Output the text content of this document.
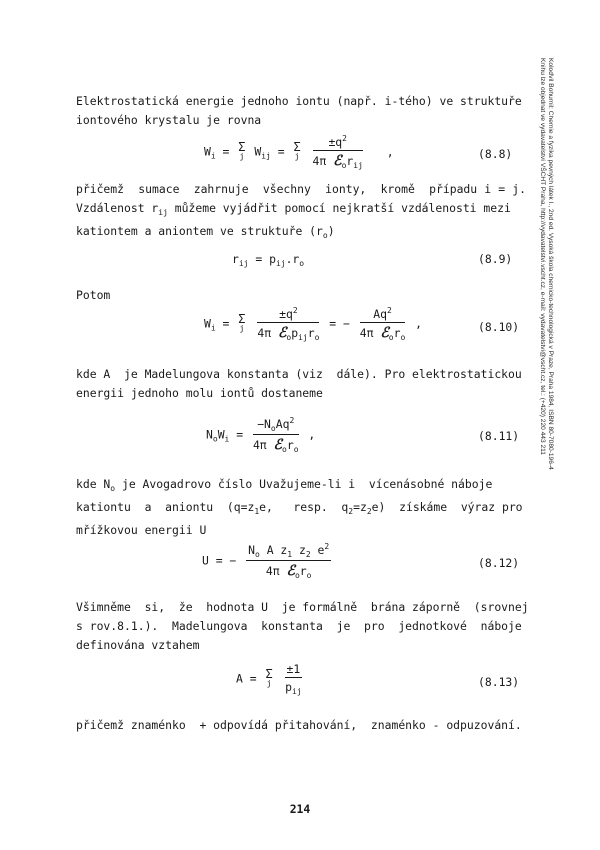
Koloďvil Bohumil: Chemie a fyzika pevných látek I., 2nd ed. Vysoká škola chemicko-technologická v Praze, Praha 1984, ISBN 80-7080-196-4
Knihu lze objednat ve vydavatelství VŠCHT Praha, http://vydavatelstvi.vscht.cz, e-mail: vydavatelstvi@vscht.cz, tel.: (+420) 220 443 211
Elektrostatická energie jednoho iontu (např. i-tého) ve struktuře
iontového krystalu je rovna
$W_i = \Sigma$
j $W_{ij} = \Sigma$
j
$\frac{\pm q^2}{4\pi ℰ_or_{ij}}$ ,	(8.8)
přičemž  sumace  zahrnuje  všechny  ionty,  kromě  případu i = j.
Vzdálenost $r_{ij}$ můžeme vyjádřit pomocí nejkratší vzdálenosti mezi
kationtem a aniontem ve struktuře $(r_o)$
$r_{ij} = p_{ij}.r_o$	(8.9)
Potom
$W_i = \Sigma$
j
$\frac{\pm q^2}{4\pi ℰ_op_{ij}r_o}$ = − $\frac{Aq^2}{4\pi ℰ_or_o}$ ,	(8.10)
kde A  je Madelungova konstanta (viz  dále). Pro elektrostatickou
energii jednoho molu iontů dostaneme
$N_oW_i = \frac{-N_oAq^2}{4\pi ℰ_or_o}$ ,	(8.11)
kde $N_o$ je Avogadrovo číslo Uvažujeme-li i  vícenásobné náboje
kationtu  a  aniontu  ($q=z_1e$,   resp.  $q_2=z_2e$)  získáme  výraz pro
mřížkovou energii U
U = − $\frac{N_o A z_1 z_2 e^2}{4\pi ℰ_or_o}$	(8.12)
Všimněme  si,  že  hodnota U  je formálně  brána záporně  (srovnej
s rov.8.1.).  Madelungova  konstanta  je  pro  jednotkové  náboje
definována vztahem
A = Σ
j
$\frac{\pm 1}{p_{ij}}$	(8.13)
přičemž znaménko  + odpovídá přitahování,  znaménko - odpuzování.
214
